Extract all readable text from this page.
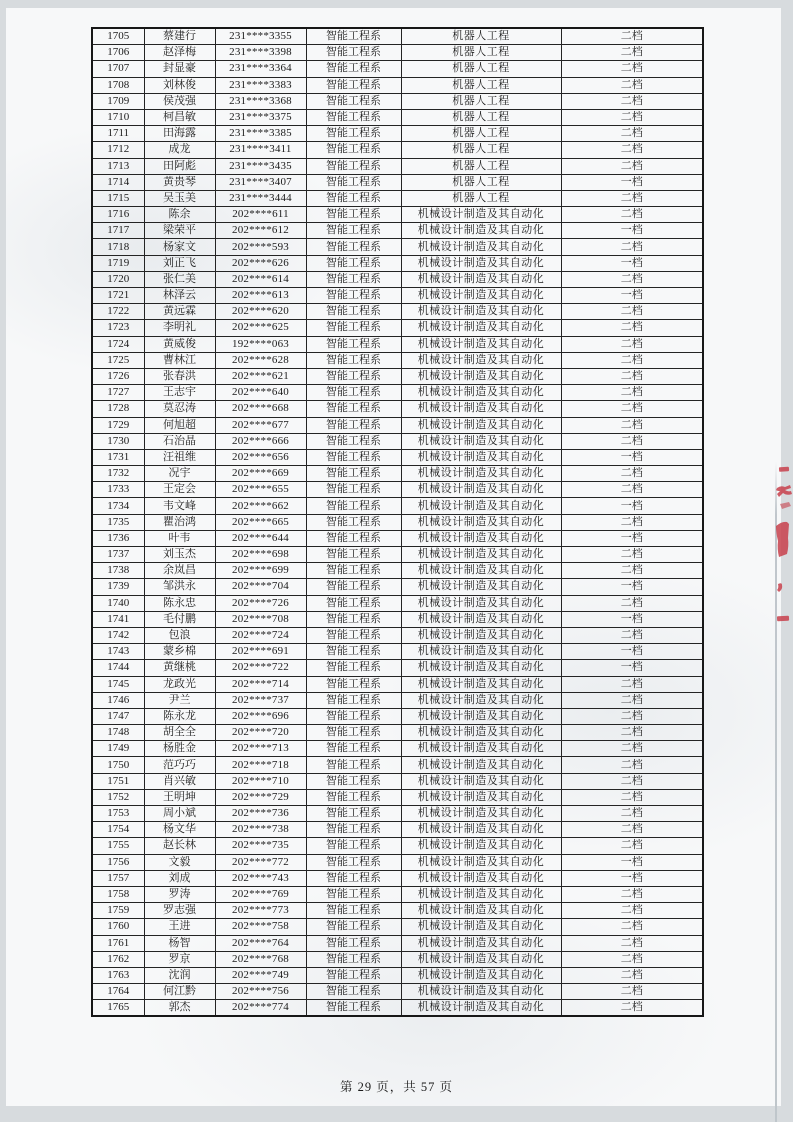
1705	蔡建行	231****3355	智能工程系	机器人工程	二档
1706	赵泽梅	231****3398	智能工程系	机器人工程	二档
1707	封显豪	231****3364	智能工程系	机器人工程	二档
1708	刘林俊	231****3383	智能工程系	机器人工程	二档
1709	侯茂强	231****3368	智能工程系	机器人工程	二档
1710	柯昌敏	231****3375	智能工程系	机器人工程	二档
1711	田海露	231****3385	智能工程系	机器人工程	二档
1712	成龙	231****3411	智能工程系	机器人工程	二档
1713	田阿彪	231****3435	智能工程系	机器人工程	二档
1714	黄贵琴	231****3407	智能工程系	机器人工程	一档
1715	吴玉美	231****3444	智能工程系	机器人工程	二档
1716	陈余	202****611	智能工程系	机械设计制造及其自动化	二档
1717	梁荣平	202****612	智能工程系	机械设计制造及其自动化	一档
1718	杨家文	202****593	智能工程系	机械设计制造及其自动化	二档
1719	刘正飞	202****626	智能工程系	机械设计制造及其自动化	一档
1720	张仁美	202****614	智能工程系	机械设计制造及其自动化	二档
1721	林泽云	202****613	智能工程系	机械设计制造及其自动化	一档
1722	黄远霖	202****620	智能工程系	机械设计制造及其自动化	二档
1723	李明礼	202****625	智能工程系	机械设计制造及其自动化	二档
1724	黄威俊	192****063	智能工程系	机械设计制造及其自动化	二档
1725	曹林江	202****628	智能工程系	机械设计制造及其自动化	二档
1726	张春洪	202****621	智能工程系	机械设计制造及其自动化	二档
1727	王志宇	202****640	智能工程系	机械设计制造及其自动化	二档
1728	莫忍涛	202****668	智能工程系	机械设计制造及其自动化	二档
1729	何旭超	202****677	智能工程系	机械设计制造及其自动化	二档
1730	石治晶	202****666	智能工程系	机械设计制造及其自动化	二档
1731	汪祖维	202****656	智能工程系	机械设计制造及其自动化	一档
1732	况宇	202****669	智能工程系	机械设计制造及其自动化	二档
1733	王定会	202****655	智能工程系	机械设计制造及其自动化	二档
1734	韦文峰	202****662	智能工程系	机械设计制造及其自动化	一档
1735	瞿治鸿	202****665	智能工程系	机械设计制造及其自动化	二档
1736	叶韦	202****644	智能工程系	机械设计制造及其自动化	一档
1737	刘玉杰	202****698	智能工程系	机械设计制造及其自动化	二档
1738	余岚昌	202****699	智能工程系	机械设计制造及其自动化	二档
1739	邹洪永	202****704	智能工程系	机械设计制造及其自动化	一档
1740	陈永忠	202****726	智能工程系	机械设计制造及其自动化	二档
1741	毛付鹏	202****708	智能工程系	机械设计制造及其自动化	一档
1742	包浪	202****724	智能工程系	机械设计制造及其自动化	二档
1743	蒙乡棉	202****691	智能工程系	机械设计制造及其自动化	一档
1744	黄继桃	202****722	智能工程系	机械设计制造及其自动化	一档
1745	龙政光	202****714	智能工程系	机械设计制造及其自动化	二档
1746	尹兰	202****737	智能工程系	机械设计制造及其自动化	二档
1747	陈永龙	202****696	智能工程系	机械设计制造及其自动化	二档
1748	胡全全	202****720	智能工程系	机械设计制造及其自动化	二档
1749	杨胜金	202****713	智能工程系	机械设计制造及其自动化	二档
1750	范巧巧	202****718	智能工程系	机械设计制造及其自动化	二档
1751	肖兴敏	202****710	智能工程系	机械设计制造及其自动化	二档
1752	王明坤	202****729	智能工程系	机械设计制造及其自动化	二档
1753	周小斌	202****736	智能工程系	机械设计制造及其自动化	二档
1754	杨文华	202****738	智能工程系	机械设计制造及其自动化	二档
1755	赵长林	202****735	智能工程系	机械设计制造及其自动化	二档
1756	文毅	202****772	智能工程系	机械设计制造及其自动化	一档
1757	刘成	202****743	智能工程系	机械设计制造及其自动化	一档
1758	罗涛	202****769	智能工程系	机械设计制造及其自动化	二档
1759	罗志强	202****773	智能工程系	机械设计制造及其自动化	二档
1760	王进	202****758	智能工程系	机械设计制造及其自动化	二档
1761	杨智	202****764	智能工程系	机械设计制造及其自动化	二档
1762	罗京	202****768	智能工程系	机械设计制造及其自动化	二档
1763	沈润	202****749	智能工程系	机械设计制造及其自动化	二档
1764	何江黔	202****756	智能工程系	机械设计制造及其自动化	二档
1765	郭杰	202****774	智能工程系	机械设计制造及其自动化	二档
第 29 页，共 57 页
